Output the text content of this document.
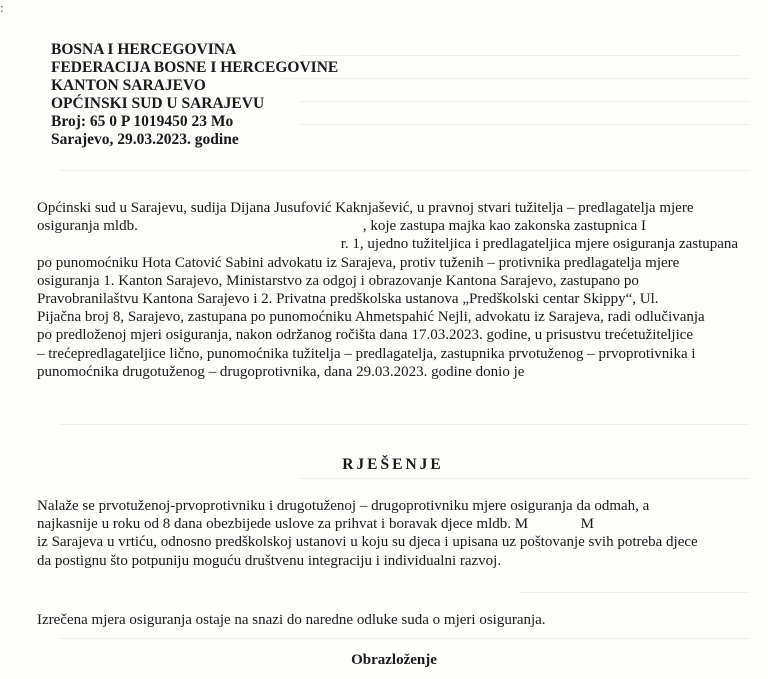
:
BOSNA I HERCEGOVINA
FEDERACIJA BOSNE I HERCEGOVINE
KANTON SARAJEVO
OPĆINSKI SUD U SARAJEVU
Broj: 65 0 P 1019450 23 Mo
Sarajevo, 29.03.2023. godine
Općinski sud u Sarajevu, sudija Dijana Jusufović Kaknjašević, u pravnoj stvari tužitelja – predlagatelja mjere
osiguranja mldb.                                                            , koje zastupa majka kao zakonska zastupnica I
r. 1, ujedno tužiteljica i predlagateljica mjere osiguranja zastupana
po punomoćniku Hota Catović Sabini advokatu iz Sarajeva, protiv tuženih – protivnika predlagatelja mjere
osiguranja 1. Kanton Sarajevo, Ministarstvo za odgoj i obrazovanje Kantona Sarajevo, zastupano po
Pravobranilaštvu Kantona Sarajevo i 2. Privatna predškolska ustanova „Predškolski centar Skippy“, Ul.
Pijačna broj 8, Sarajevo, zastupana po punomoćniku Ahmetspahić Nejli, advokatu iz Sarajeva, radi odlučivanja
po predloženoj mjeri osiguranja, nakon održanog ročišta dana 17.03.2023. godine, u prisustvu trećetužiteljice
– trećepredlagateljice lično, punomoćnika tužitelja – predlagatelja, zastupnika prvotuženog – prvoprotivnika i
punomoćnika drugotuženog – drugoprotivnika, dana 29.03.2023. godine donio je
RJEŠENJE
Nalaže se prvotuženoj-prvoprotivniku i drugotuženoj – drugoprotivniku mjere osiguranja da odmah, a
najkasnije u roku od 8 dana obezbijede uslove za prihvat i boravak djece mldb. M              M
iz Sarajeva u vrtiću, odnosno predškolskoj ustanovi u koju su djeca i upisana uz poštovanje svih potreba djece
da postignu što potpuniju moguću društvenu integraciju i individualni razvoj.
Izrečena mjera osiguranja ostaje na snazi do naredne odluke suda o mjeri osiguranja.
Obrazloženje
